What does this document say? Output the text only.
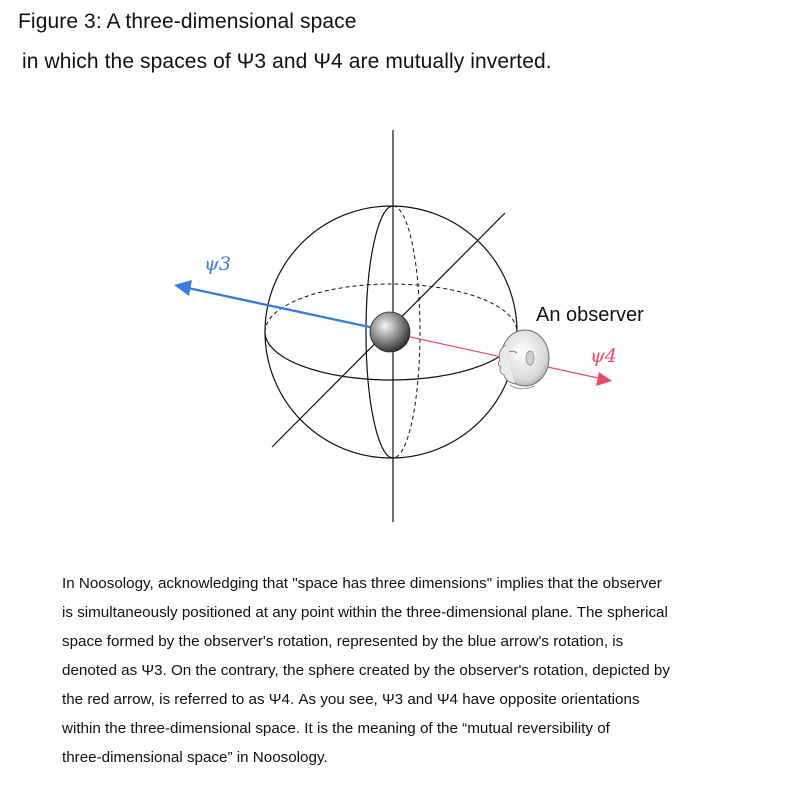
Figure 3: A three-dimensional space
in which the spaces of Ψ3 and Ψ4 are mutually inverted.
ψ3
ψ4
An observer

In Noosology, acknowledging that "space has three dimensions" implies that the observer

is simultaneously positioned at any point within the three-dimensional plane. The spherical

space formed by the observer's rotation, represented by the blue arrow's rotation, is

denoted as Ψ3. On the contrary, the sphere created by the observer's rotation, depicted by

the red arrow, is referred to as Ψ4. As you see, Ψ3 and Ψ4 have opposite orientations

within the three-dimensional space. It is the meaning of the “mutual reversibility of

three-dimensional space” in Noosology.
